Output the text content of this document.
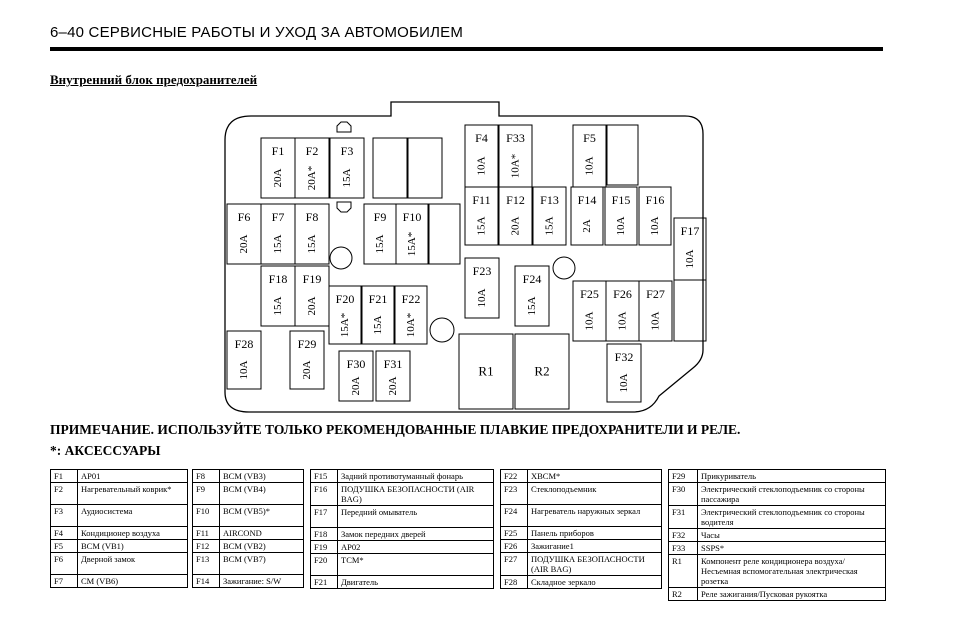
6–40 СЕРВИСНЫЕ РАБОТЫ И УХОД ЗА АВТОМОБИЛЕМ
Внутренний блок предохранителей
F1
20A
F2
20A*
F3
15A
F4
10A
F33
10A*
F5
10A
F6
20A
F7
15A
F8
15A
F9
15A
F10
15A*
F11
15A
F12
20A
F13
15A
F14
2A
F15
10A
F16
10A F17
10A
F18
15A
F19
20A F20
15A*
F21
15A
F22
10A*
F23
10A
F24
15A
F25
10A
F26
10A
F27
10A
F28
10A
F29
20A	F30
20A
F31
20A
F32
10A
R1	R2
ПРИМЕЧАНИЕ. ИСПОЛЬЗУЙТЕ ТОЛЬКО РЕКОМЕНДОВАННЫЕ ПЛАВКИЕ ПРЕДОХРАНИТЕЛИ И РЕЛЕ.
*: АКСЕССУАРЫ
F1	AP01
F2	Нагревательный коврик*
F3	Аудиосистема
F4	Кондиционер воздуха
F5	BCM (VB1)
F6	Дверной замок
F7	CM (VB6)
F8	BCM (VB3)
F9	BCM (VB4)
F10	BCM (VB5)*
F11	AIRCOND
F12	BCM (VB2)
F13	BCM (VB7)
F14	Зажигание: S/W
F15	Задний противотуманный фонарь
F16	ПОДУШКА БЕЗОПАСНОСТИ (AIR BAG)
F17	Передний омыватель
F18	Замок передних дверей
F19	AP02
F20	TCM*
F21	Двигатель
F22	XBCM*
F23	Стеклоподъемник
F24	Нагреватель наружных зеркал
F25	Панель приборов
F26	Зажигание1
F27	ПОДУШКА БЕЗОПАСНОСТИ (AIR BAG)
F28	Складное зеркало
F29	Прикуриватель
F30	Электрический стеклоподъемник со стороны пассажира
F31	Электрический стеклоподъемник со стороны водителя
F32	Часы
F33	SSPS*
R1	Компонент реле кондиционера воздуха/Несъемная вспомогательная электрическая розетка
R2	Реле зажигания/Пусковая рукоятка
